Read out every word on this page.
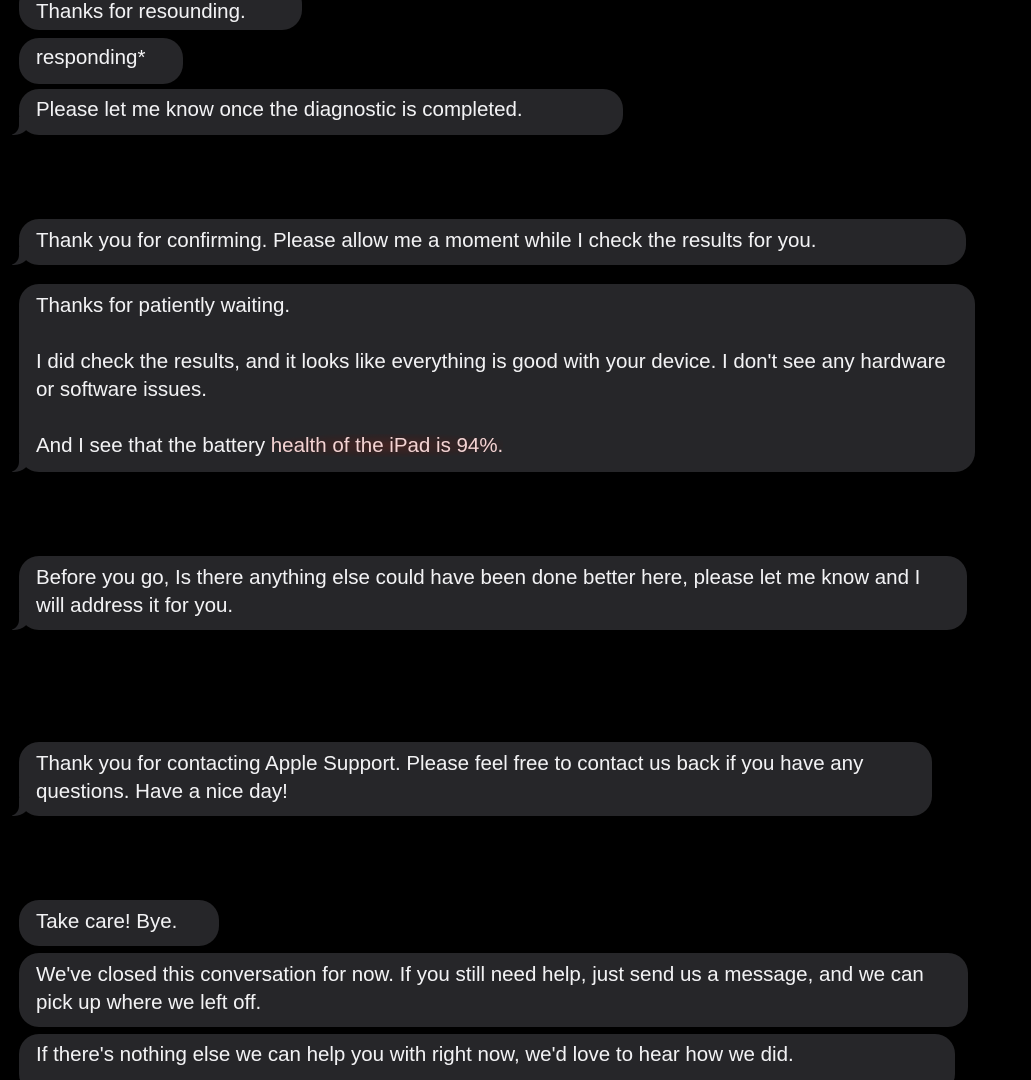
Thanks for resounding.
responding*
Please let me know once the diagnostic is completed.
Thank you for confirming. Please allow me a moment while I check the results for you.
Thanks for patiently waiting.
I did check the results, and it looks like everything is good with your device. I don't see any hardware or software issues.
And I see that the battery health of the iPad is 94%.
Before you go, Is there anything else could have been done better here, please let me know and I will address it for you.
Thank you for contacting Apple Support. Please feel free to contact us back if you have any questions. Have a nice day!
Take care! Bye.
We've closed this conversation for now. If you still need help, just send us a message, and we can pick up where we left off.
If there's nothing else we can help you with right now, we'd love to hear how we did.
